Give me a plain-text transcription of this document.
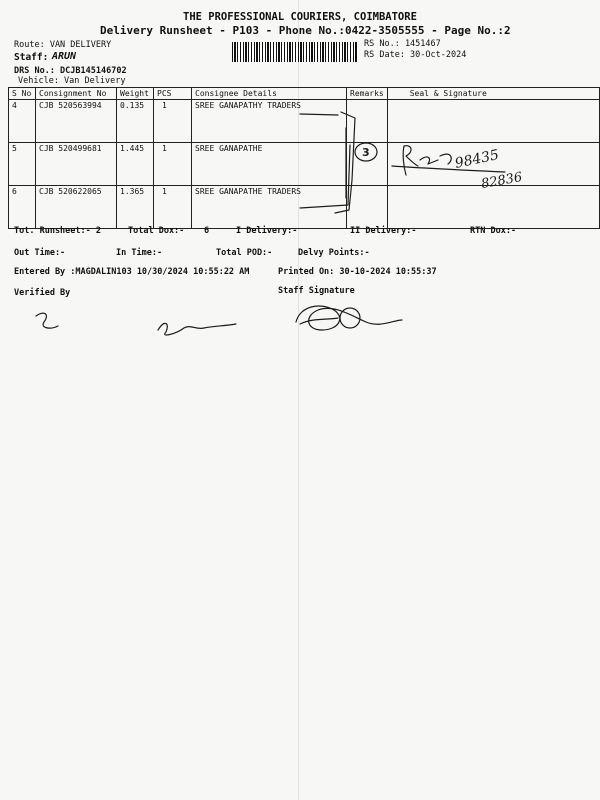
THE PROFESSIONAL COURIERS, COIMBATORE
Delivery Runsheet - P103 - Phone No.:0422-3505555 - Page No.:2
Route: VAN DELIVERY
Staff: ARUN
DRS No.: DCJB145146702
Vehicle: Van Delivery
RS No.: 1451467
RS Date: 30-Oct-2024
S No	Consignment No	Weight	PCS	Consignee Details	Remarks	Seal & Signature
4	CJB 520563994	0.135	1	SREE GANAPATHY TRADERS		
5	CJB 520499681	1.445	1	SREE GANAPATHE		
6	CJB 520622065	1.365	1	SREE GANAPATHE TRADERS		
Tot. Runsheet:- 2	Total Dox:- 6	I Delivery:-	II Delivery:-	RTN Dox:-
Out Time:-	In Time:-	Total POD:-	Delvy Points:-
Entered By :MAGDALIN103 10/30/2024 10:55:22 AM	Printed On: 30-10-2024 10:55:37
Verified By	Staff Signature
3	98435
82836
